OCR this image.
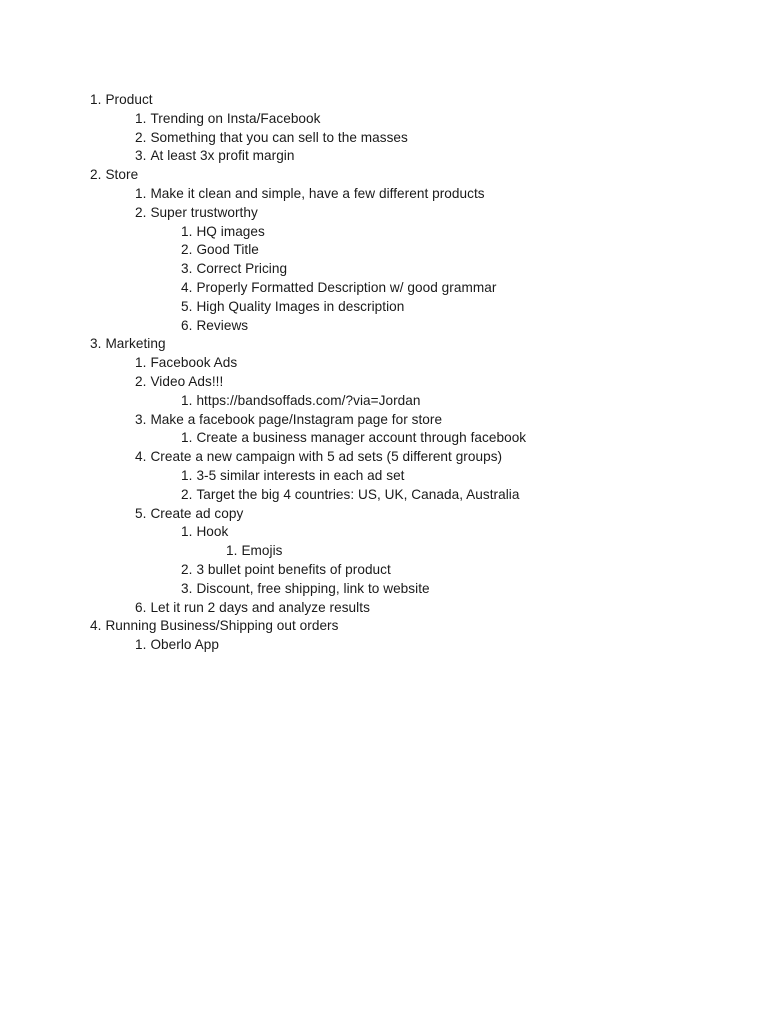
1. Product
1. Trending on Insta/Facebook
2. Something that you can sell to the masses
3. At least 3x profit margin
2. Store
1. Make it clean and simple, have a few different products
2. Super trustworthy
1. HQ images
2. Good Title
3. Correct Pricing
4. Properly Formatted Description w/ good grammar
5. High Quality Images in description
6. Reviews
3. Marketing
1. Facebook Ads
2. Video Ads!!!
1. https://bandsoffads.com/?via=Jordan
3. Make a facebook page/Instagram page for store
1. Create a business manager account through facebook
4. Create a new campaign with 5 ad sets (5 different groups)
1. 3-5 similar interests in each ad set
2. Target the big 4 countries: US, UK, Canada, Australia
5. Create ad copy
1. Hook
1. Emojis
2. 3 bullet point benefits of product
3. Discount, free shipping, link to website
6. Let it run 2 days and analyze results
4. Running Business/Shipping out orders
1. Oberlo App
